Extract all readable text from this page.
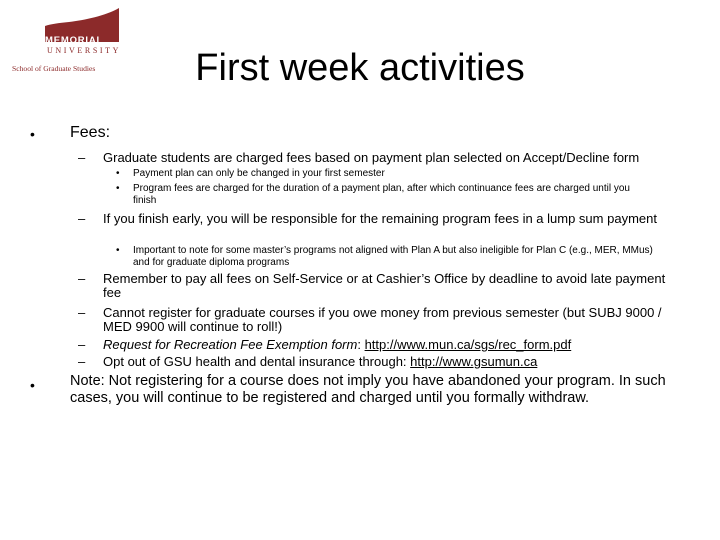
MEMORIAL
UNIVERSITY
School of Graduate Studies	First week activities
• Fees:
– Graduate students are charged fees based on payment plan selected on Accept/Decline form
• Payment plan can only be changed in your first semester
• Program fees are charged for the duration of a payment plan, after which continuance fees are charged until you finish
– If you finish early, you will be responsible for the remaining program fees in a lump sum payment
• Important to note for some master’s programs not aligned with Plan A but also ineligible for Plan C (e.g., MER, MMus) and for graduate diploma programs
– Remember to pay all fees on Self-Service or at Cashier’s Office by deadline to avoid late payment fee
– Cannot register for graduate courses if you owe money from previous semester (but SUBJ 9000 / MED 9900 will continue to roll!)
– Request for Recreation Fee Exemption form: http://www.mun.ca/sgs/rec_form.pdf
– Opt out of GSU health and dental insurance through: http://www.gsumun.ca
• Note: Not registering for a course does not imply you have abandoned your program. In such cases, you will continue to be registered and charged until you formally withdraw.
